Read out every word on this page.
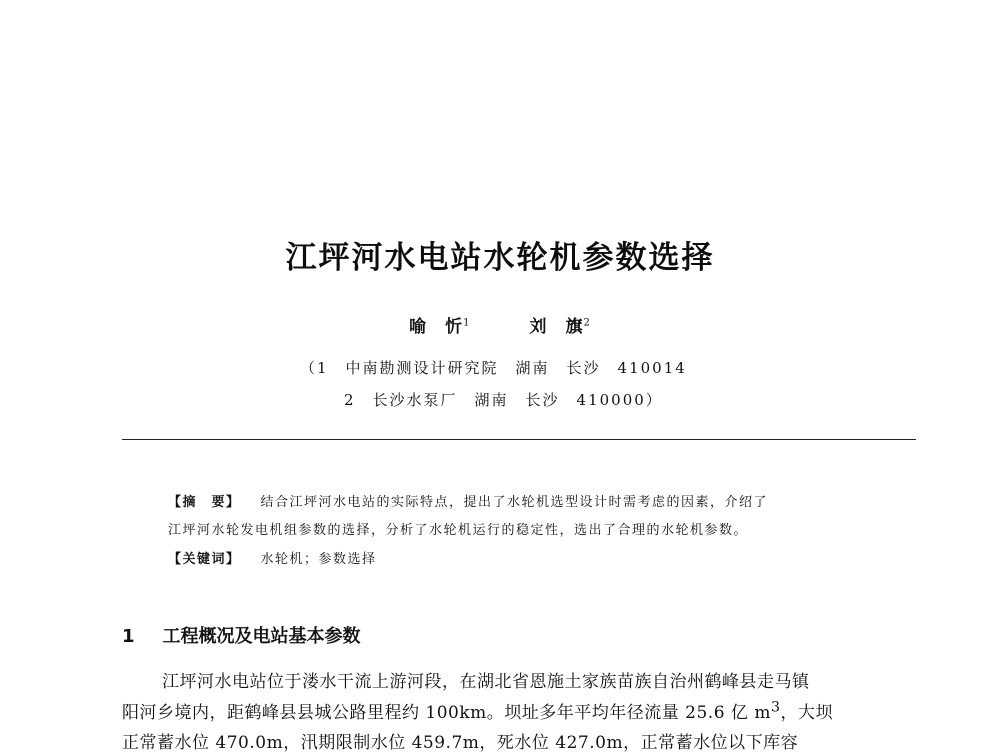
江坪河水电站水轮机参数选择
喻　忻$^1$	刘　旗$^2$
（1　中南勘测设计研究院　湖南　长沙　410014
2　长沙水泵厂　湖南　长沙　410000）
【摘　要】 结合江坪河水电站的实际特点，提出了水轮机选型设计时需考虑的因素，介绍了
江坪河水轮发电机组参数的选择，分析了水轮机运行的稳定性，选出了合理的水轮机参数。
【关键词】 水轮机；参数选择
1 工程概况及电站基本参数
江坪河水电站位于溇水干流上游河段，在湖北省恩施土家族苗族自治州鹤峰县走马镇
阳河乡境内，距鹤峰县县城公路里程约 100km。坝址多年平均年径流量 25.6 亿 $m^3$，大坝
正常蓄水位 470.0m，汛期限制水位 459.7m，死水位 427.0m，正常蓄水位以下库容
